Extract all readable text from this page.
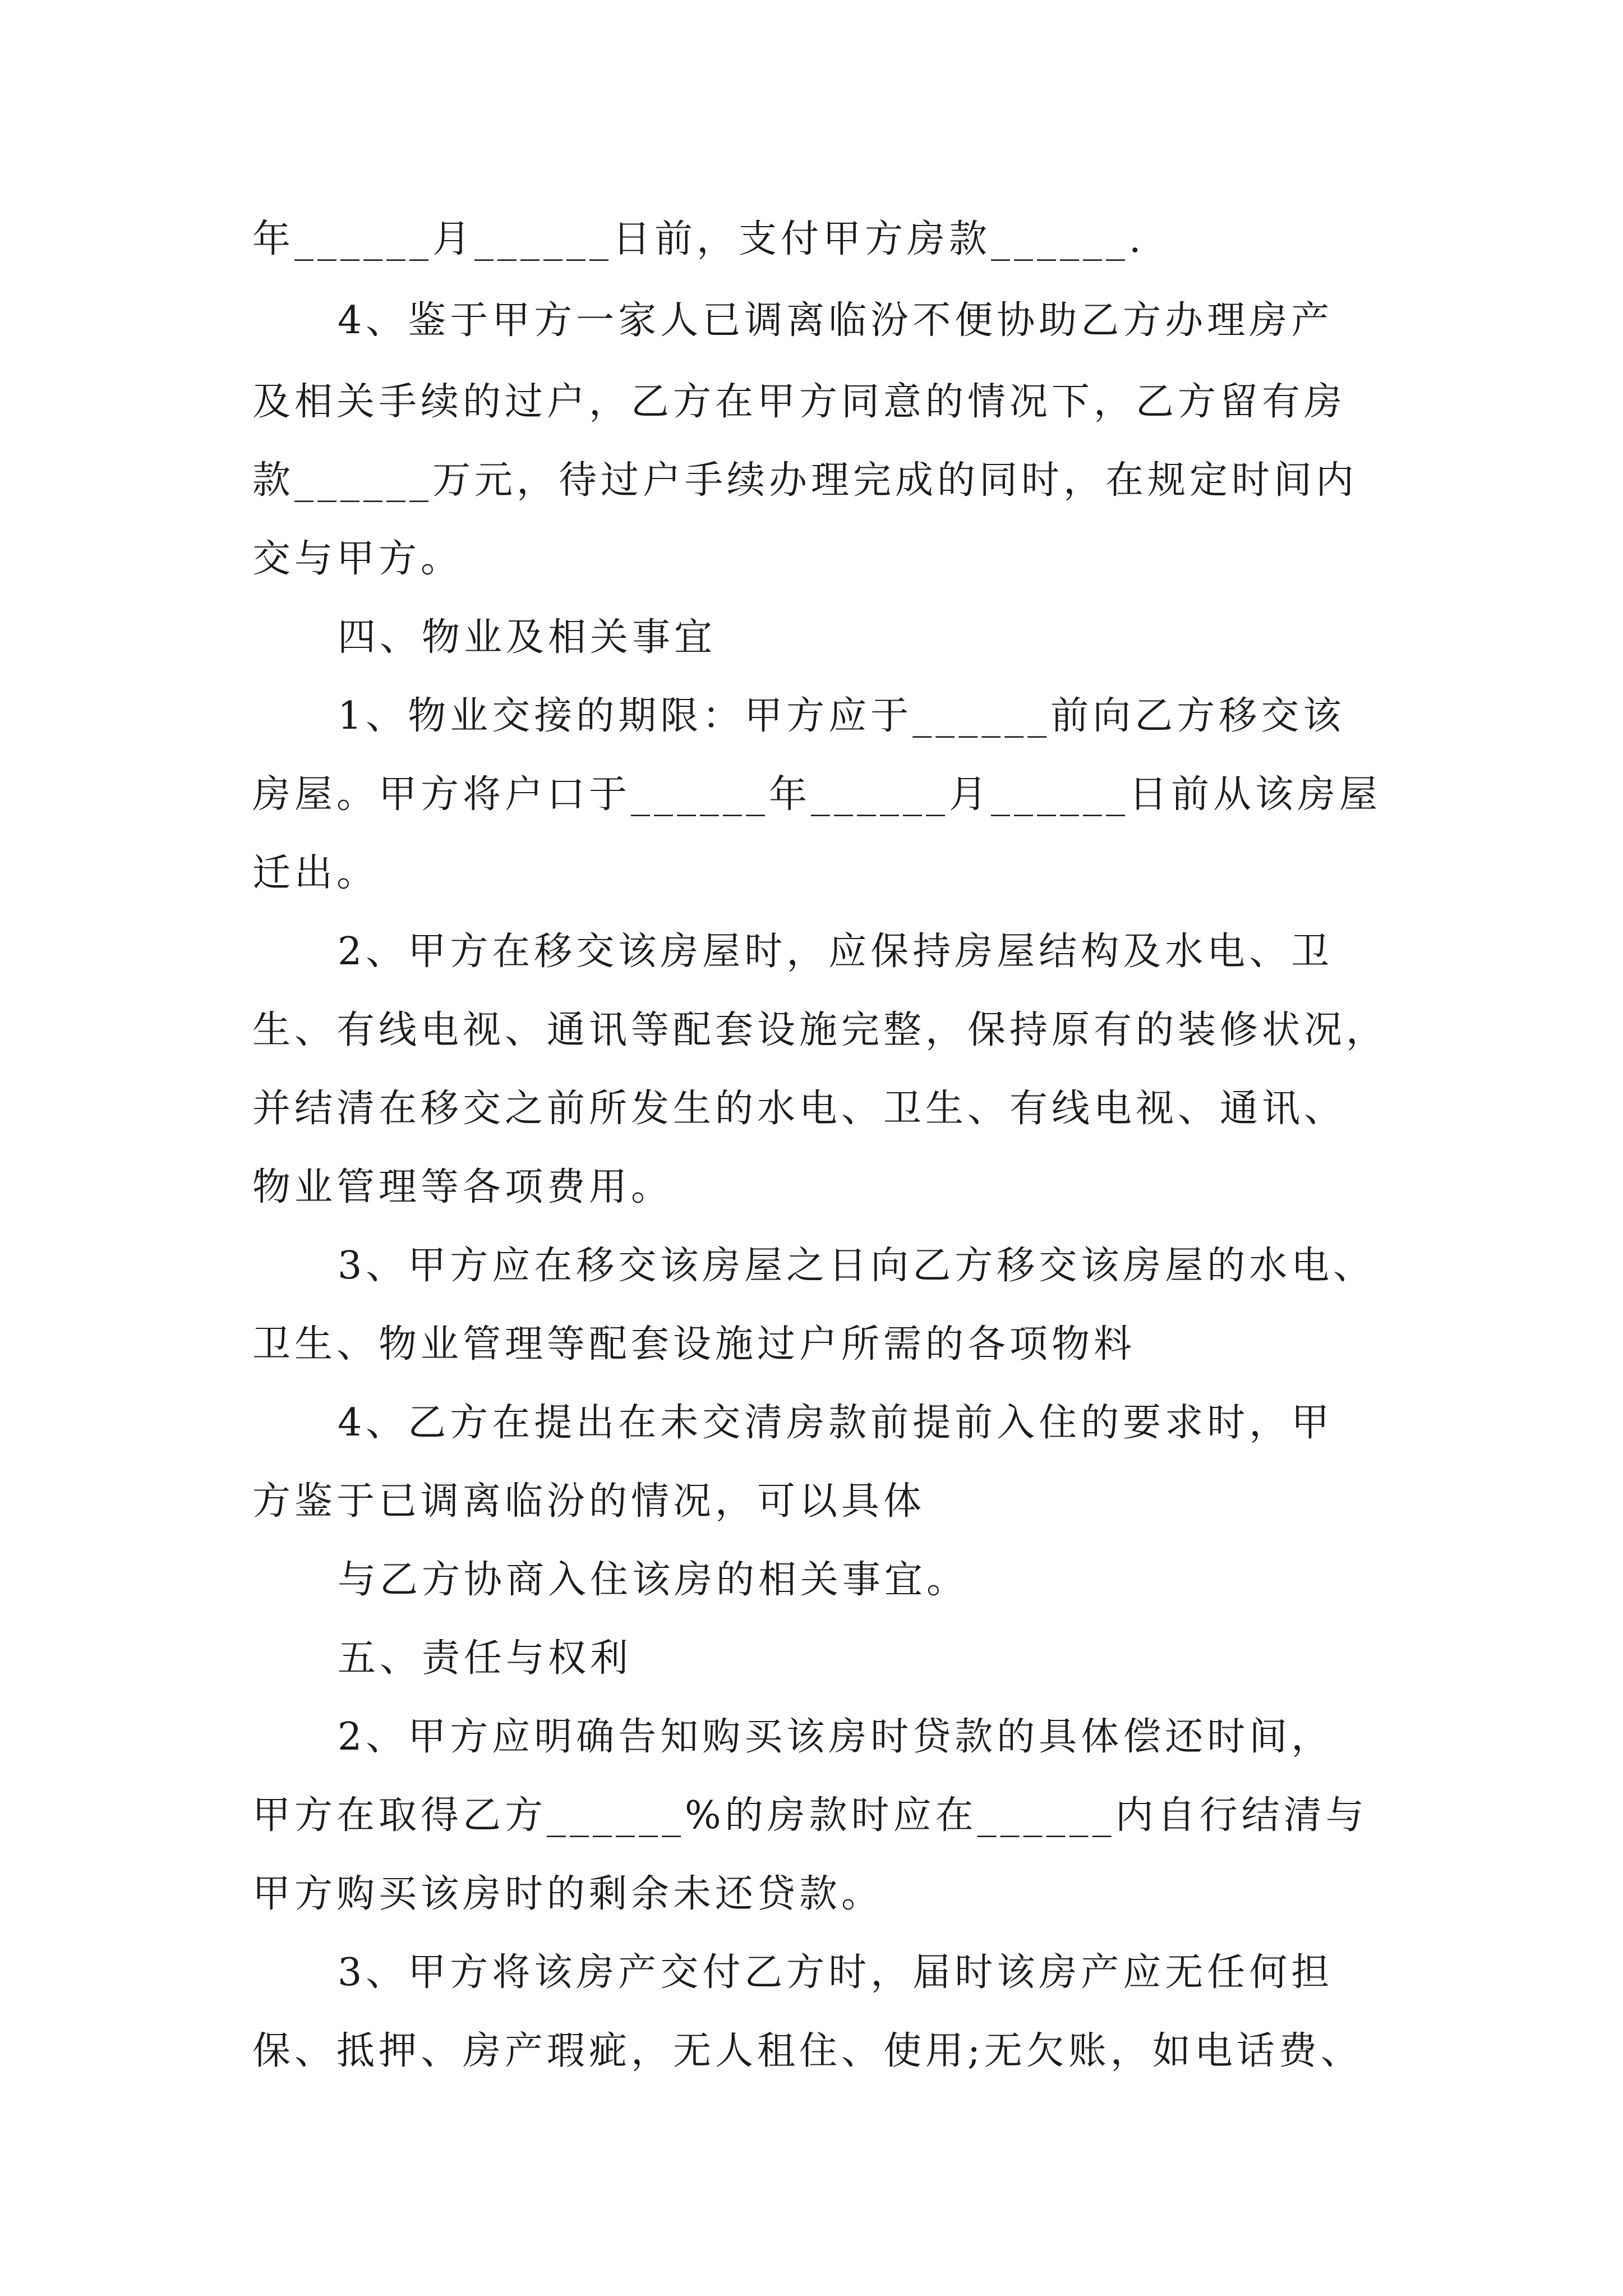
年______月______日前，支付甲方房款______.
4、鉴于甲方一家人已调离临汾不便协助乙方办理房产
及相关手续的过户，乙方在甲方同意的情况下，乙方留有房
款______万元，待过户手续办理完成的同时，在规定时间内
交与甲方。
四、物业及相关事宜
1、物业交接的期限：甲方应于______前向乙方移交该
房屋。甲方将户口于______年______月______日前从该房屋
迁出。
2、甲方在移交该房屋时，应保持房屋结构及水电、卫
生、有线电视、通讯等配套设施完整，保持原有的装修状况，
并结清在移交之前所发生的水电、卫生、有线电视、通讯、
物业管理等各项费用。
3、甲方应在移交该房屋之日向乙方移交该房屋的水电、
卫生、物业管理等配套设施过户所需的各项物料
4、乙方在提出在未交清房款前提前入住的要求时，甲
方鉴于已调离临汾的情况，可以具体
与乙方协商入住该房的相关事宜。
五、责任与权利
2、甲方应明确告知购买该房时贷款的具体偿还时间，
甲方在取得乙方______%的房款时应在______内自行结清与
甲方购买该房时的剩余未还贷款。
3、甲方将该房产交付乙方时，届时该房产应无任何担
保、抵押、房产瑕疵，无人租住、使用;无欠账，如电话费、
